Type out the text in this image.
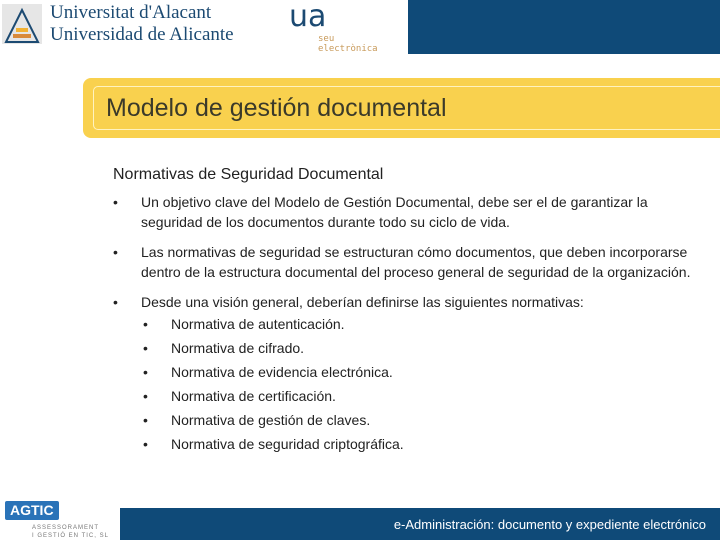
Universitat d'Alacant
Universidad de Alicante
ua
seu
electrònica
Modelo de gestión documental
Normativas de Seguridad Documental
• Un objetivo clave del Modelo de Gestión Documental, debe ser el de garantizar la seguridad de los documentos durante todo su ciclo de vida.
• Las normativas de seguridad se estructuran cómo documentos, que deben incorporarse dentro de la estructura documental del proceso general de seguridad de la organización.
• Desde una visión general, deberían definirse las siguientes normativas:
• Normativa de autenticación.
• Normativa de cifrado.
• Normativa de evidencia electrónica.
• Normativa de certificación.
• Normativa de gestión de claves.
• Normativa de seguridad criptográfica.
AGTIC
ASSESSORAMENT
I GESTIÓ EN TIC, SL
e-Administración: documento y expediente electrónico
